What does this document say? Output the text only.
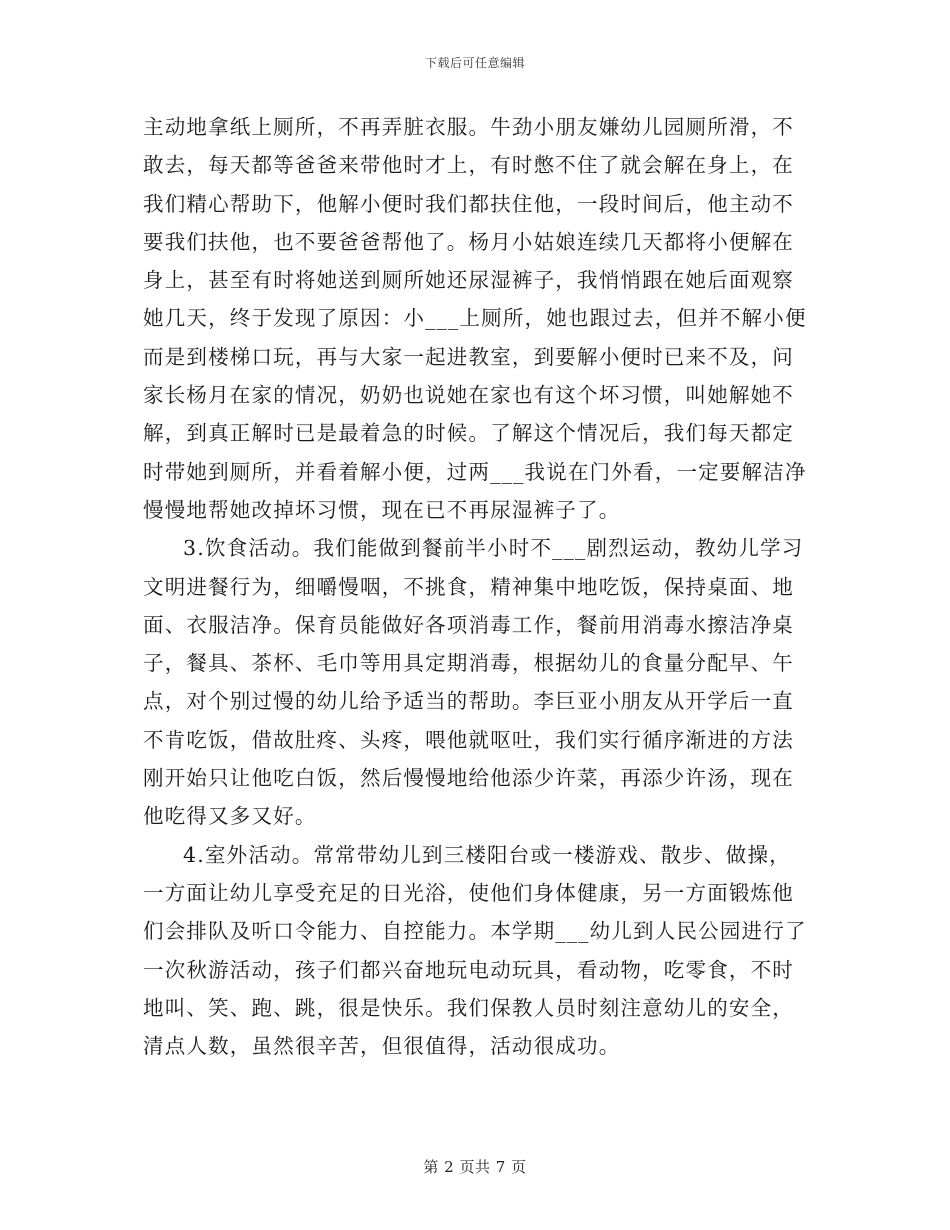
下载后可任意编辑
主动地拿纸上厕所，不再弄脏衣服。牛劲小朋友嫌幼儿园厕所滑，不
敢去，每天都等爸爸来带他时才上，有时憋不住了就会解在身上，在
我们精心帮助下，他解小便时我们都扶住他，一段时间后，他主动不
要我们扶他，也不要爸爸帮他了。杨月小姑娘连续几天都将小便解在
身上，甚至有时将她送到厕所她还尿湿裤子，我悄悄跟在她后面观察
她几天，终于发现了原因：小___上厕所，她也跟过去，但并不解小便
而是到楼梯口玩，再与大家一起进教室，到要解小便时已来不及，问
家长杨月在家的情况，奶奶也说她在家也有这个坏习惯，叫她解她不
解，到真正解时已是最着急的时候。了解这个情况后，我们每天都定
时带她到厕所，并看着解小便，过两___我说在门外看，一定要解洁净
慢慢地帮她改掉坏习惯，现在已不再尿湿裤子了。
3.饮食活动。我们能做到餐前半小时不___剧烈运动，教幼儿学习
文明进餐行为，细嚼慢咽，不挑食，精神集中地吃饭，保持桌面、地
面、衣服洁净。保育员能做好各项消毒工作，餐前用消毒水擦洁净桌
子，餐具、茶杯、毛巾等用具定期消毒，根据幼儿的食量分配早、午
点，对个别过慢的幼儿给予适当的帮助。李巨亚小朋友从开学后一直
不肯吃饭，借故肚疼、头疼，喂他就呕吐，我们实行循序渐进的方法
刚开始只让他吃白饭，然后慢慢地给他添少许菜，再添少许汤，现在
他吃得又多又好。
4.室外活动。常常带幼儿到三楼阳台或一楼游戏、散步、做操，
一方面让幼儿享受充足的日光浴，使他们身体健康，另一方面锻炼他
们会排队及听口令能力、自控能力。本学期___幼儿到人民公园进行了
一次秋游活动，孩子们都兴奋地玩电动玩具，看动物，吃零食，不时
地叫、笑、跑、跳，很是快乐。我们保教人员时刻注意幼儿的安全，
清点人数，虽然很辛苦，但很值得，活动很成功。
第 2 页共 7 页
